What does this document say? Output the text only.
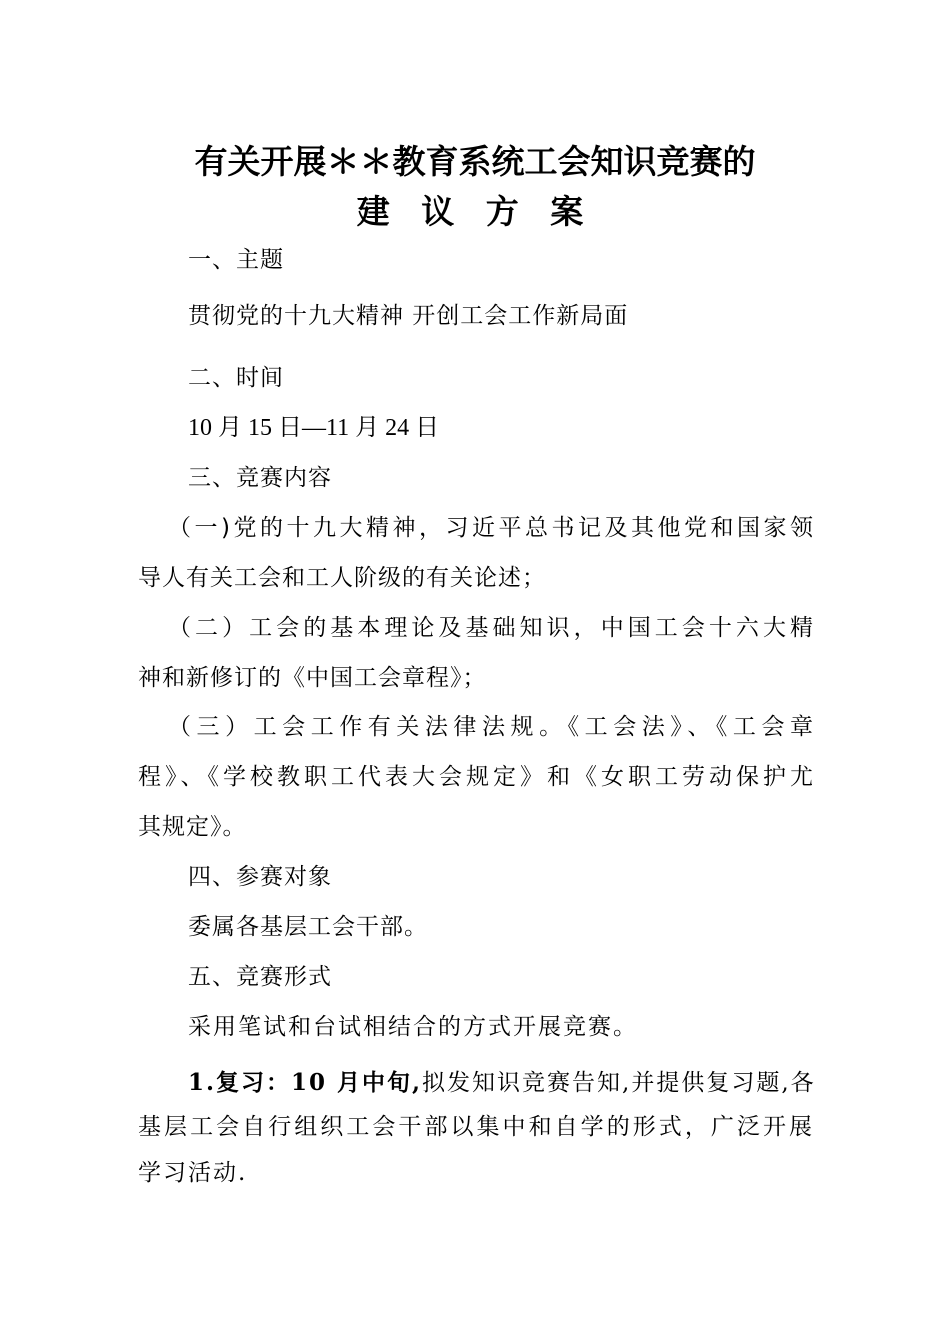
有关开展＊＊教育系统工会知识竞赛的
建 议 方 案
一、主题
贯彻党的十九大精神 开创工会工作新局面
二、时间
10 月 15 日—11 月 24 日
三、竞赛内容
（一)党的十九大精神，习近平总书记及其他党和国家领
导人有关工会和工人阶级的有关论述；
（二）工会的基本理论及基础知识，中国工会十六大精
神和新修订的《中国工会章程》；
（三）工会工作有关法律法规。《工会法》、《工会章
程》、《学校教职工代表大会规定》和《女职工劳动保护尤
其规定》。
四、参赛对象
委属各基层工会干部。
五、竞赛形式
采用笔试和台试相结合的方式开展竞赛。
1.复习：10 月中旬,拟发知识竞赛告知,并提供复习题,各
基层工会自行组织工会干部以集中和自学的形式，广泛开展
学习活动.
